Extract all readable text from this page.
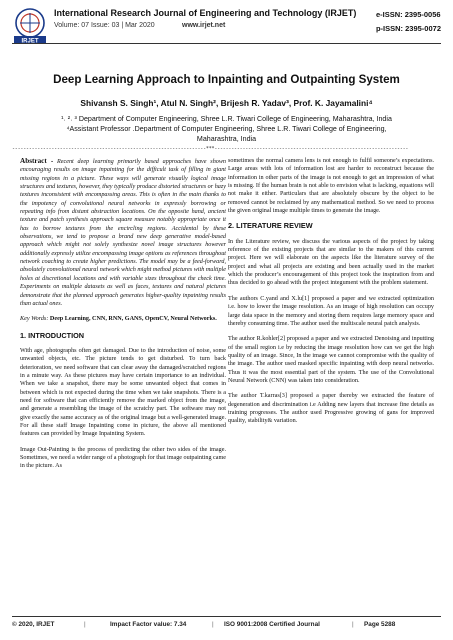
IRJET
International Research Journal of Engineering and Technology (IRJET)
Volume: 07 Issue: 03 | Mar 2020	www.irjet.net
e-ISSN: 2395-0056
p-ISSN: 2395-0072
Deep Learning Approach to Inpainting and Outpainting System
Shivansh S. Singh¹, Atul N. Singh², Brijesh R. Yadav³, Prof. K. Jayamalini⁴
¹˒ ²˒ ³ Department of Computer Engineering, Shree L.R. Tiwari College of Engineering, Maharashtra, India
⁴Assistant Professor .Department of Computer Engineering, Shree L.R. Tiwari College of Engineering,
Maharashtra, India
---------------------------------------------------------------------***---------------------------------------------------------------------

Abstract - Recent deep learning primarily based approaches have shown encouraging results on image inpainting for the difficult task of filling in giant missing regions in a picture. These ways will generate visually logical image structures and textures, however, they typically produce distorted structures or hazy textures inconsistent with encompassing areas. This is often in the main thanks to the impotency of convolutional neural networks in expressly borrowing or repeating info from distant abstraction locations. On the opposite hand, ancient texture and patch synthesis approach square measure notably appropriate once it has to borrow textures from the encircling regions. Accidental by these observations, we tend to propose a brand new deep generative model-based approach which might not solely synthesize novel image structures however additionally expressly utilize encompassing image options as references throughout network coaching to create higher predictions. The model may be a feed-forward, absolutely convolutional neural network which might method pictures with multiple holes at discretional locations and with variable sizes throughout the check time. Experiments on multiple datasets as well as faces, textures and natural pictures demonstrate that the planned approach generates higher-quality inpainting results than actual ones.

Key Words: Deep Learning, CNN, RNN, GANS, OpenCV, Neural Networks.

1. INTRODUCTION

With age, photographs often get damaged. Due to the introduction of noise, some unwanted objects, etc. The picture tends to get disturbed. To turn back deterioration, we need software that can clear away the damaged/scratched regions in a minute way. As these pictures may have certain importance to an individual. When we take a snapshot, there may be some unwanted object that comes in between which is not expected during the time when we take snapshots. There is a need for software that can efficiently remove the marked object from the image, and generate a resembling the image of the scratchy part. The software may not give exactly the same accuracy as of the original image but a well-generated image. For all these staff Image Inpainting come in picture, the above all mentioned features can provided by Image Inpainting System.

Image Out-Painting is the process of predicting the other two sides of the image. Sometimes, we need a wider range of a photograph for that image outpainting came in the picture. As

sometimes the normal camera lens is not enough to fulfil someone’s expectations. Large areas with lots of information lost are harder to reconstruct because the information in other parts of the image is not enough to get an impression of what is missing. If the human brain is not able to envision what is lacking, equations will not make it either. Particulars that are absolutely obscure by the object to be removed cannot be reclaimed by any mathematical method. So we need to process the given original image multiple times to generate the image.

2. LITERATURE REVIEW

In the Literature review, we discuss the various aspects of the project by taking reference of the existing projects that are similar to the makers of this current project. Here we will elaborate on the aspects like the literature survey of the project and what all projects are existing and been actually used in the market which the producer’s encouragement of this project took the inspiration from and thus decided to go ahead with the project integument with the problem statement.

The authors C.yand and X.lu[1] proposed a paper and we extracted optimization i.e. how to lower the image resolution. As an image of high resolution can occupy large data space in the memory and storing them requires large memory space and thereby consuming time. The author used the multiscale neural patch analysis.

The author R.kohler[2] proposed a paper and we extracted Denoising and inputting of the small region i.e by reducing the image resolution how can we get the high quality of an image. Since, In the image we cannot compromise with the quality of the image. The author used masked specific inpainting with deep neural networks. Thus it was the most essential part of the system. The use of the Convolutional Neural Network (CNN) was taken into consideration.

The author T.karras[3] proposed a paper thereby we extracted the feature of degeneration and discrimination i.e Adding new layers that increase fine details as training progresses. The author used Progressive growing of gans for improved quality, stability& variation.

© 2020, IRJET	|	Impact Factor value: 7.34	| ISO 9001:2008 Certified Journal	| Page 5288
